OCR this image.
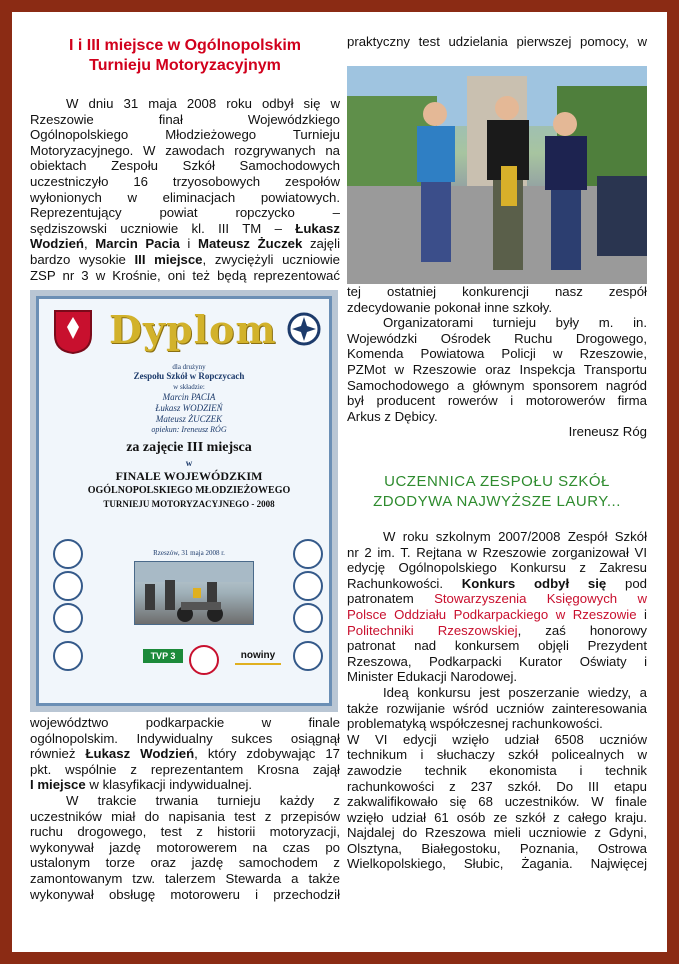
I i III miejsce w Ogólnopolskim
Turnieju Motoryzacyjnym

W dniu 31 maja 2008 roku odbył się w

Rzeszowie finał Wojewódzkiego

Ogólnopolskiego Młodzieżowego Turnieju

Motoryzacyjnego. W zawodach rozgrywanych na

obiektach Zespołu Szkół Samochodowych

uczestniczyło 16 trzyosobowych zespołów

wyłonionych w eliminacjach powiatowych.

Reprezentujący powiat ropczycko –

sędziszowski uczniowie kl. III TM – Łukasz

Wodzień, Marcin Pacia i Mateusz Żuczek zajęli

bardzo wysokie III miejsce, zwyciężyli uczniowie

ZSP nr 3 w Krośnie, oni też będą reprezentować

Dyplom
dla drużyny
Zespołu Szkół w Ropczycach
w składzie:
Marcin PACIA
Łukasz WODZIEŃ
Mateusz ŻUCZEK
opiekun: Ireneusz RÓG
za zajęcie III miejsca
w
FINALE WOJEWÓDZKIM
OGÓLNOPOLSKIEGO MŁODZIEŻOWEGO
TURNIEJU MOTORYZACYJNEGO - 2008
Rzeszów, 31 maja 2008 r.
TVP 3	nowiny

województwo podkarpackie w finale

ogólnopolskim. Indywidualny sukces osiągnął

również Łukasz Wodzień, który zdobywając 17

pkt. wspólnie z reprezentantem Krosna zajął

I miejsce w klasyfikacji indywidualnej.

W trakcie trwania turnieju każdy z

uczestników miał do napisania test z przepisów

ruchu drogowego, test z historii motoryzacji,

wykonywał jazdę motorowerem na czas po

ustalonym torze oraz jazdę samochodem z

zamontowanym tzw. talerzem Stewarda a także

wykonywał obsługę motoroweru i przechodził

praktyczny test udzielania pierwszej pomocy, w

tej ostatniej konkurencji nasz zespół

zdecydowanie pokonał inne szkoły.

Organizatorami turnieju były m. in.

Wojewódzki Ośrodek Ruchu Drogowego,

Komenda Powiatowa Policji w Rzeszowie,

PZMot w Rzeszowie oraz Inspekcja Transportu

Samochodowego a głównym sponsorem nagród

był producent rowerów i motorowerów firma

Arkus z Dębicy.

Ireneusz Róg

UCZENNICA ZESPOŁU SZKÓŁ
ZDODYWA NAJWYŻSZE LAURY...

W roku szkolnym 2007/2008 Zespół Szkół

nr 2 im. T. Rejtana w Rzeszowie zorganizował VI

edycję Ogólnopolskiego Konkursu z Zakresu

Rachunkowości. Konkurs odbył się pod

patronatem Stowarzyszenia Księgowych w

Polsce Oddziału Podkarpackiego w Rzeszowie i

Politechniki Rzeszowskiej, zaś honorowy

patronat nad konkursem objęli Prezydent

Rzeszowa, Podkarpacki Kurator Oświaty i

Minister Edukacji Narodowej.

Ideą konkursu jest poszerzanie wiedzy, a

także rozwijanie wśród uczniów zainteresowania

problematyką współczesnej rachunkowości.

W VI edycji wzięło udział 6508 uczniów

technikum i słuchaczy szkół policealnych w

zawodzie technik ekonomista i technik

rachunkowości z 237 szkół. Do III etapu

zakwalifikowało się 68 uczestników. W finale

wzięło udział 61 osób ze szkół z całego kraju.

Najdalej do Rzeszowa mieli uczniowie z Gdyni,

Olsztyna, Białegostoku, Poznania, Ostrowa

Wielkopolskiego, Słubic, Żagania. Najwięcej
